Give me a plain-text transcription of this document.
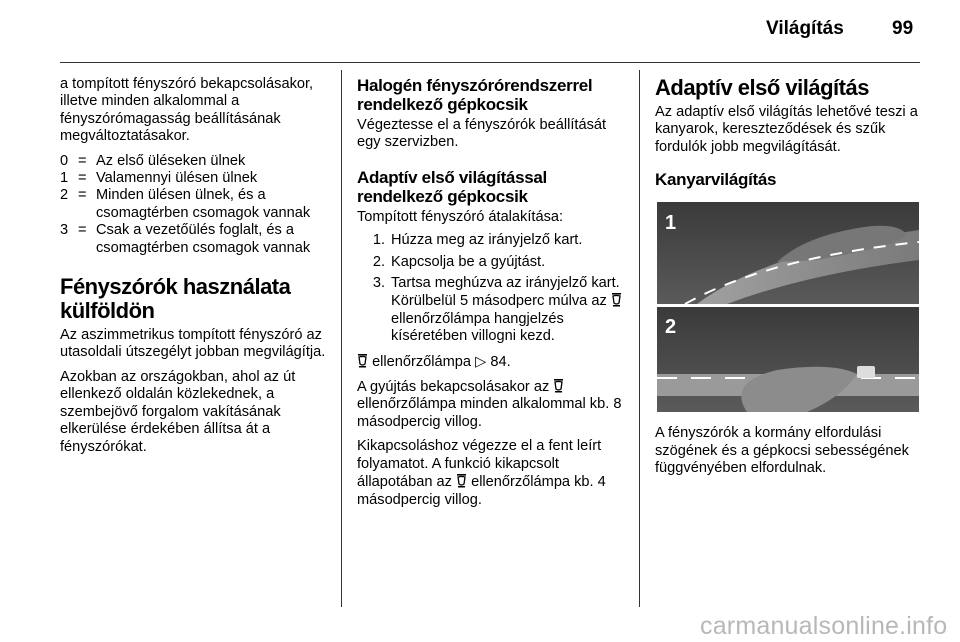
Világítás	99

a tompított fényszóró bekapcsolásakor, illetve minden alkalommal a fényszórómagasság beállításának megváltoztatásakor.

0 = Az első üléseken ülnek
1 = Valamennyi ülésen ülnek
2 = Minden ülésen ülnek, és a csomagtérben csomagok vannak
3 = Csak a vezetőülés foglalt, és a csomagtérben csomagok vannak
Fényszórók használata külföldön

Az aszimmetrikus tompított fényszóró az utasoldali útszegélyt jobban megvilágítja.

Azokban az országokban, ahol az út ellenkező oldalán közlekednek, a szembejövő forgalom vakításának elkerülése érdekében állítsa át a fényszórókat.

Halogén fényszórórendszerrel rendelkező gépkocsik

Végeztesse el a fényszórók beállítását egy szervizben.

Adaptív első világítással rendelkező gépkocsik

Tompított fényszóró átalakítása:

1. Húzza meg az irányjelző kart.
2. Kapcsolja be a gyújtást.
3. Tartsa meghúzva az irányjelző kart. Körülbelül 5 másodperc múlva az  ellenőrzőlámpa hangjelzés kíséretében villogni kezd.

ellenőrzőlámpa ▷ 84.

A gyújtás bekapcsolásakor az  ellenőrzőlámpa minden alkalommal kb. 8 másodpercig villog.

Kikapcsoláshoz végezze el a fent leírt folyamatot. A funkció kikapcsolt állapotában az ellenőrzőlámpa kb. 4 másodpercig villog.

Adaptív első világítás

Az adaptív első világítás lehetővé teszi a kanyarok, kereszteződések és szűk fordulók jobb megvilágítását.

Kanyarvilágítás
1
2

A fényszórók a kormány elfordulási szögének és a gépkocsi sebességének függvényében elfordulnak.

carmanualsonline.info
